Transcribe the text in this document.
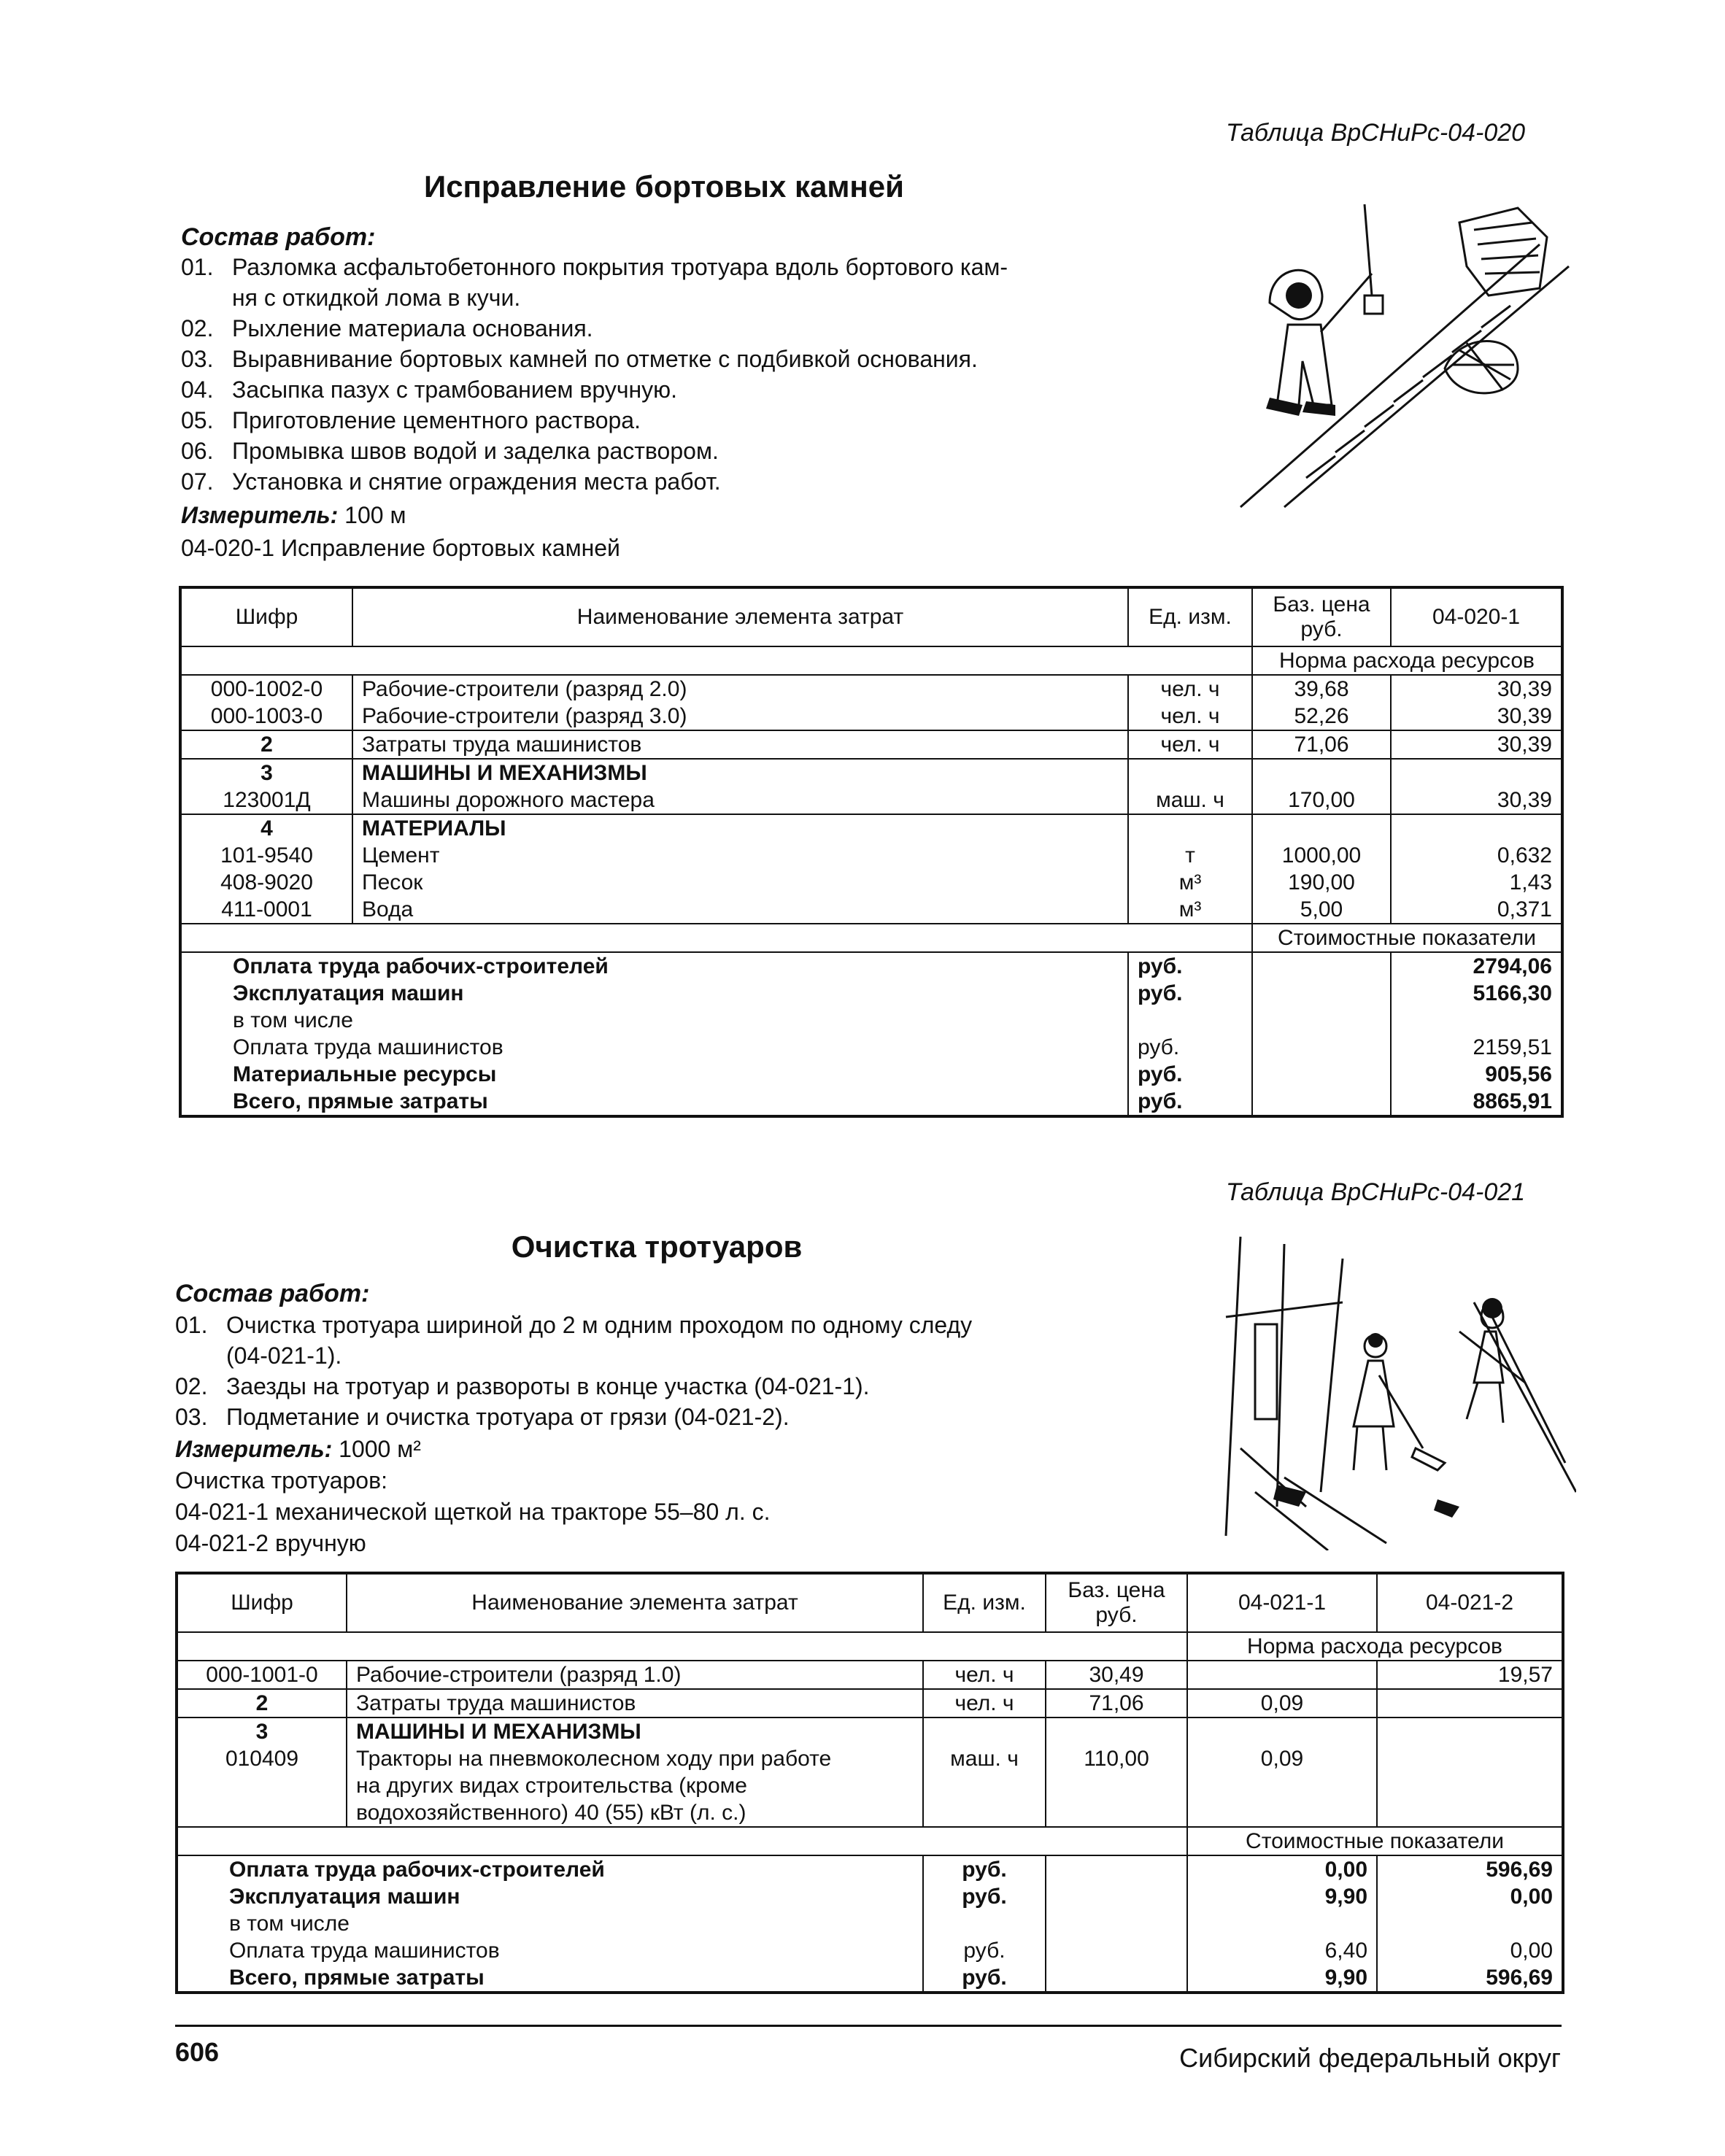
Таблица ВрСНиРс-04-020
Исправление бортовых камней
Состав работ:
01. Разломка асфальтобетонного покрытия тротуара вдоль бортового кам-
ня с откидкой лома в кучи.
02. Рыхление материала основания.
03. Выравнивание бортовых камней по отметке с подбивкой основания.
04. Засыпка пазух с трамбованием вручную.
05. Приготовление цементного раствора.
06. Промывка швов водой и заделка раствором.
07. Установка и снятие ограждения места работ.
Измеритель: 100 м
04-020-1 Исправление бортовых камней
Шифр	Наименование элемента затрат	Ед. изм.	Баз. цена руб.	04-020-1
			Норма расхода ресурсов	
000-1002-0	Рабочие-строители (разряд 2.0)	чел. ч	39,68	30,39
000-1003-0	Рабочие-строители (разряд 3.0)	чел. ч	52,26	30,39
2	Затраты труда машинистов	чел. ч	71,06	30,39
3	МАШИНЫ И МЕХАНИЗМЫ			
123001Д	Машины дорожного мастера	маш. ч	170,00	30,39
4	МАТЕРИАЛЫ			
101-9540	Цемент	т	1000,00	0,632
408-9020	Песок	м³	190,00	1,43
411-0001	Вода	м³	5,00	0,371
			Стоимостные показатели	
Оплата труда рабочих-строителей		руб.		2794,06
Эксплуатация машин		руб.		5166,30
в том числе				
Оплата труда машинистов		руб.		2159,51
Материальные ресурсы		руб.		905,56
Всего, прямые затраты		руб.		8865,91
Таблица ВрСНиРс-04-021
Очистка тротуаров
Состав работ:
01. Очистка тротуара шириной до 2 м одним проходом по одному следу
(04-021-1).
02. Заезды на тротуар и развороты в конце участка (04-021-1).
03. Подметание и очистка тротуара от грязи (04-021-2).
Измеритель: 1000 м²
Очистка тротуаров:
04-021-1 механической щеткой на тракторе 55–80 л. с.
04-021-2 вручную
Шифр	Наименование элемента затрат	Ед. изм.	Баз. цена руб.	04-021-1	04-021-2
				Норма расхода ресурсов	
000-1001-0	Рабочие-строители (разряд 1.0)	чел. ч	30,49		19,57
2	Затраты труда машинистов	чел. ч	71,06	0,09	
3	МАШИНЫ И МЕХАНИЗМЫ				
010409	Тракторы на пневмоколесном ходу при работе
на других видах строительства (кроме
водохозяйственного) 40 (55) кВт (л. с.)	маш. ч	110,00	0,09	
				Стоимостные показатели	
Оплата труда рабочих-строителей		руб.		0,00	596,69
Эксплуатация машин		руб.		9,90	0,00
в том числе					
Оплата труда машинистов		руб.		6,40	0,00
Всего, прямые затраты		руб.		9,90	596,69
606	Сибирский федеральный округ
